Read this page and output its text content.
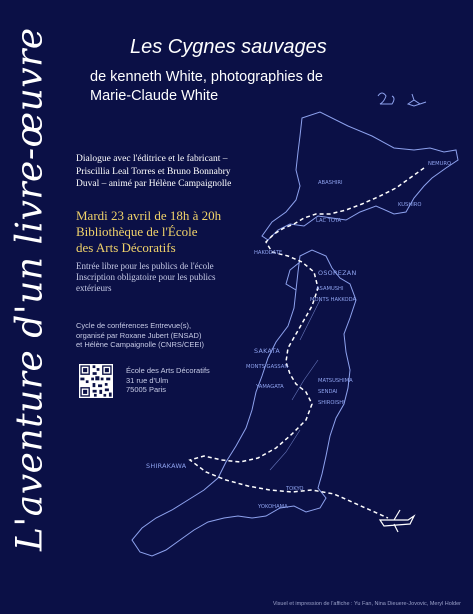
NEMURO
ABASHIRI
KUSHIRO
LAC TOYA
HAKODATE
OSOREZAN
ASAMUSHI
MONTS HAKKODA
SAKATA
MONTS GASSAN
YAMAGATA
MATSUSHIMA
SENDAI
SHIROISHI
SHIRAKAWA
TOKYO
YOKOHAMA
L'aventure d'un livre-œuvre	Les Cygnes sauvages
de kenneth White, photographies de
Marie-Claude White
Dialogue avec l'éditrice et le fabricant –
Priscillia Leal Torres et Bruno Bonnabry
Duval – animé par Hélène Campaignolle
Mardi 23 avril de 18h à 20h
Bibliothèque de l'École
des Arts Décoratifs
Entrée libre pour les publics de l'école
Inscription obligatoire pour les publics
extérieurs
Cycle de conférences Entrevue(s),
organisé par Roxane Jubert (ENSAD)
et Hélène Campaignolle (CNRS/CEEI)
École des Arts Décoratifs
31 rue d'Ulm
75005 Paris
Visuel et impression de l'affiche : Yu Fan, Nina Dieuere-Jovovic, Meryl Holder
